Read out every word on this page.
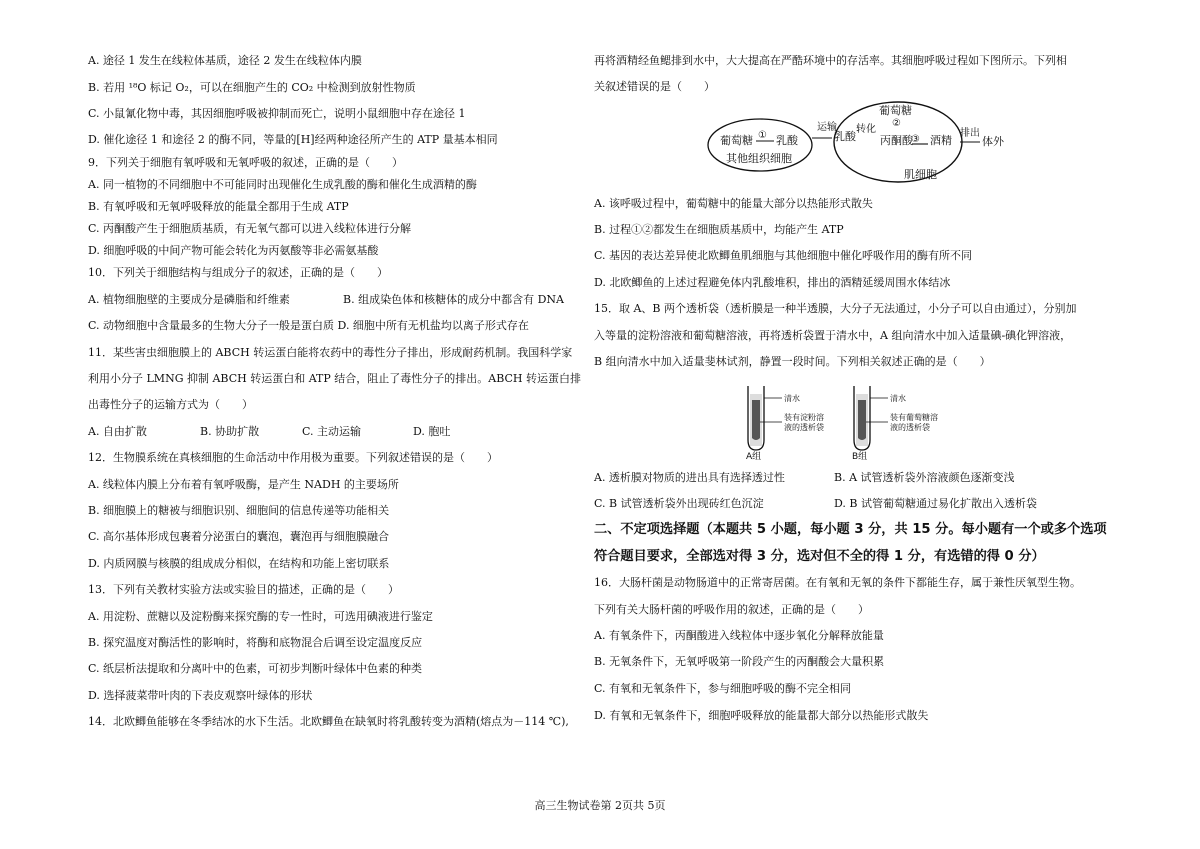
A. 途径 1 发生在线粒体基质，途径 2 发生在线粒体内膜
B. 若用 ¹⁸O 标记 O₂，可以在细胞产生的 CO₂ 中检测到放射性物质
C. 小鼠氰化物中毒，其因细胞呼吸被抑制而死亡，说明小鼠细胞中存在途径 1
D. 催化途径 1 和途径 2 的酶不同，等量的[H]经两种途径所产生的 ATP 量基本相同
9．下列关于细胞有氧呼吸和无氧呼吸的叙述，正确的是（　　）
A. 同一植物的不同细胞中不可能同时出现催化生成乳酸的酶和催化生成酒精的酶
B. 有氧呼吸和无氧呼吸释放的能量全都用于生成 ATP
C. 丙酮酸产生于细胞质基质，有无氧气都可以进入线粒体进行分解
D. 细胞呼吸的中间产物可能会转化为丙氨酸等非必需氨基酸
10．下列关于细胞结构与组成分子的叙述，正确的是（　　）
A. 植物细胞壁的主要成分是磷脂和纤维素	B. 组成染色体和核糖体的成分中都含有 DNA
C. 动物细胞中含量最多的生物大分子一般是蛋白质 D. 细胞中所有无机盐均以离子形式存在
11．某些害虫细胞膜上的 ABCH 转运蛋白能将农药中的毒性分子排出，形成耐药机制。我国科学家
利用小分子 LMNG 抑制 ABCH 转运蛋白和 ATP 结合，阻止了毒性分子的排出。ABCH 转运蛋白排
出毒性分子的运输方式为（　　）
A. 自由扩散	B. 协助扩散	C. 主动运输	D. 胞吐
12．生物膜系统在真核细胞的生命活动中作用极为重要。下列叙述错误的是（　　）
A. 线粒体内膜上分布着有氧呼吸酶，是产生 NADH 的主要场所
B. 细胞膜上的糖被与细胞识别、细胞间的信息传递等功能相关
C. 高尔基体形成包裹着分泌蛋白的囊泡，囊泡再与细胞膜融合
D. 内质网膜与核膜的组成成分相似，在结构和功能上密切联系
13．下列有关教材实验方法或实验目的描述，正确的是（　　）
A. 用淀粉、蔗糖以及淀粉酶来探究酶的专一性时，可选用碘液进行鉴定
B. 探究温度对酶活性的影响时，将酶和底物混合后调至设定温度反应
C. 纸层析法提取和分离叶中的色素，可初步判断叶绿体中色素的种类
D. 选择菠菜带叶肉的下表皮观察叶绿体的形状
14．北欧鲫鱼能够在冬季结冰的水下生活。北欧鲫鱼在缺氧时将乳酸转变为酒精(熔点为－114 ℃),
再将酒精经鱼鳃排到水中，大大提高在严酷环境中的存活率。其细胞呼吸过程如下图所示。下列相
关叙述错误的是（　　）
葡萄糖 ① 乳酸
其他组织细胞
运输
葡萄糖
②
乳酸
转化
丙酮酸
③ 酒精
肌细胞
排出
体外
A. 该呼吸过程中，葡萄糖中的能量大部分以热能形式散失
B. 过程①②都发生在细胞质基质中，均能产生 ATP
C. 基因的表达差异使北欧鲫鱼肌细胞与其他细胞中催化呼吸作用的酶有所不同
D. 北欧鲫鱼的上述过程避免体内乳酸堆积，排出的酒精延缓周围水体结冰
15．取 A、B 两个透析袋（透析膜是一种半透膜，大分子无法通过，小分子可以自由通过），分别加
入等量的淀粉溶液和葡萄糖溶液，再将透析袋置于清水中，A 组向清水中加入适量碘-碘化钾溶液，
B 组向清水中加入适量斐林试剂，静置一段时间。下列相关叙述正确的是（　　）
清水
装有淀粉溶
液的透析袋
A组
清水
装有葡萄糖溶
液的透析袋
B组
A. 透析膜对物质的进出具有选择透过性	B. A 试管透析袋外溶液颜色逐渐变浅
C. B 试管透析袋外出现砖红色沉淀	D. B 试管葡萄糖通过易化扩散出入透析袋
二、不定项选择题（本题共 5 小题，每小题 3 分，共 15 分。每小题有一个或多个选项
符合题目要求，全部选对得 3 分，选对但不全的得 1 分，有选错的得 0 分）
16．大肠杆菌是动物肠道中的正常寄居菌。在有氧和无氧的条件下都能生存，属于兼性厌氧型生物。
下列有关大肠杆菌的呼吸作用的叙述，正确的是（　　）
A. 有氧条件下，丙酮酸进入线粒体中逐步氧化分解释放能量
B. 无氧条件下，无氧呼吸第一阶段产生的丙酮酸会大量积累
C. 有氧和无氧条件下，参与细胞呼吸的酶不完全相同
D. 有氧和无氧条件下，细胞呼吸释放的能量都大部分以热能形式散失
高三生物试卷第 2页共 5页
